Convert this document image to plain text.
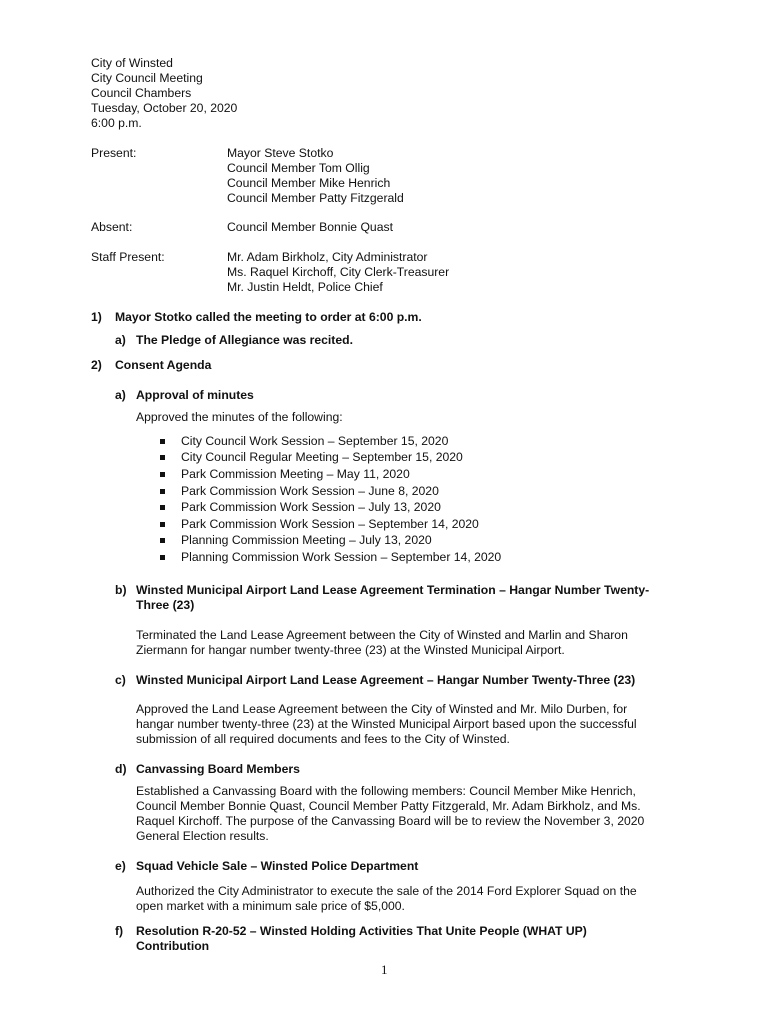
City of Winsted
City Council Meeting
Council Chambers
Tuesday, October 20, 2020
6:00 p.m.
Present:	Mayor Steve Stotko
Council Member Tom Ollig
Council Member Mike Henrich
Council Member Patty Fitzgerald
Absent:	Council Member Bonnie Quast
Staff Present:	Mr. Adam Birkholz, City Administrator
Ms. Raquel Kirchoff, City Clerk-Treasurer
Mr. Justin Heldt, Police Chief
1) Mayor Stotko called the meeting to order at 6:00 p.m.
a) The Pledge of Allegiance was recited.
2) Consent Agenda
a) Approval of minutes
Approved the minutes of the following:
City Council Work Session – September 15, 2020
City Council Regular Meeting – September 15, 2020
Park Commission Meeting – May 11, 2020
Park Commission Work Session – June 8, 2020
Park Commission Work Session – July 13, 2020
Park Commission Work Session – September 14, 2020
Planning Commission Meeting – July 13, 2020
Planning Commission Work Session – September 14, 2020
b) Winsted Municipal Airport Land Lease Agreement Termination – Hangar Number Twenty-
Three (23)
Terminated the Land Lease Agreement between the City of Winsted and Marlin and Sharon
Ziermann for hangar number twenty-three (23) at the Winsted Municipal Airport.
c) Winsted Municipal Airport Land Lease Agreement – Hangar Number Twenty-Three (23)
Approved the Land Lease Agreement between the City of Winsted and Mr. Milo Durben, for
hangar number twenty-three (23) at the Winsted Municipal Airport based upon the successful
submission of all required documents and fees to the City of Winsted.
d) Canvassing Board Members
Established a Canvassing Board with the following members: Council Member Mike Henrich,
Council Member Bonnie Quast, Council Member Patty Fitzgerald, Mr. Adam Birkholz, and Ms.
Raquel Kirchoff. The purpose of the Canvassing Board will be to review the November 3, 2020
General Election results.
e) Squad Vehicle Sale – Winsted Police Department
Authorized the City Administrator to execute the sale of the 2014 Ford Explorer Squad on the
open market with a minimum sale price of $5,000.
f) Resolution R-20-52 – Winsted Holding Activities That Unite People (WHAT UP)
Contribution
1
